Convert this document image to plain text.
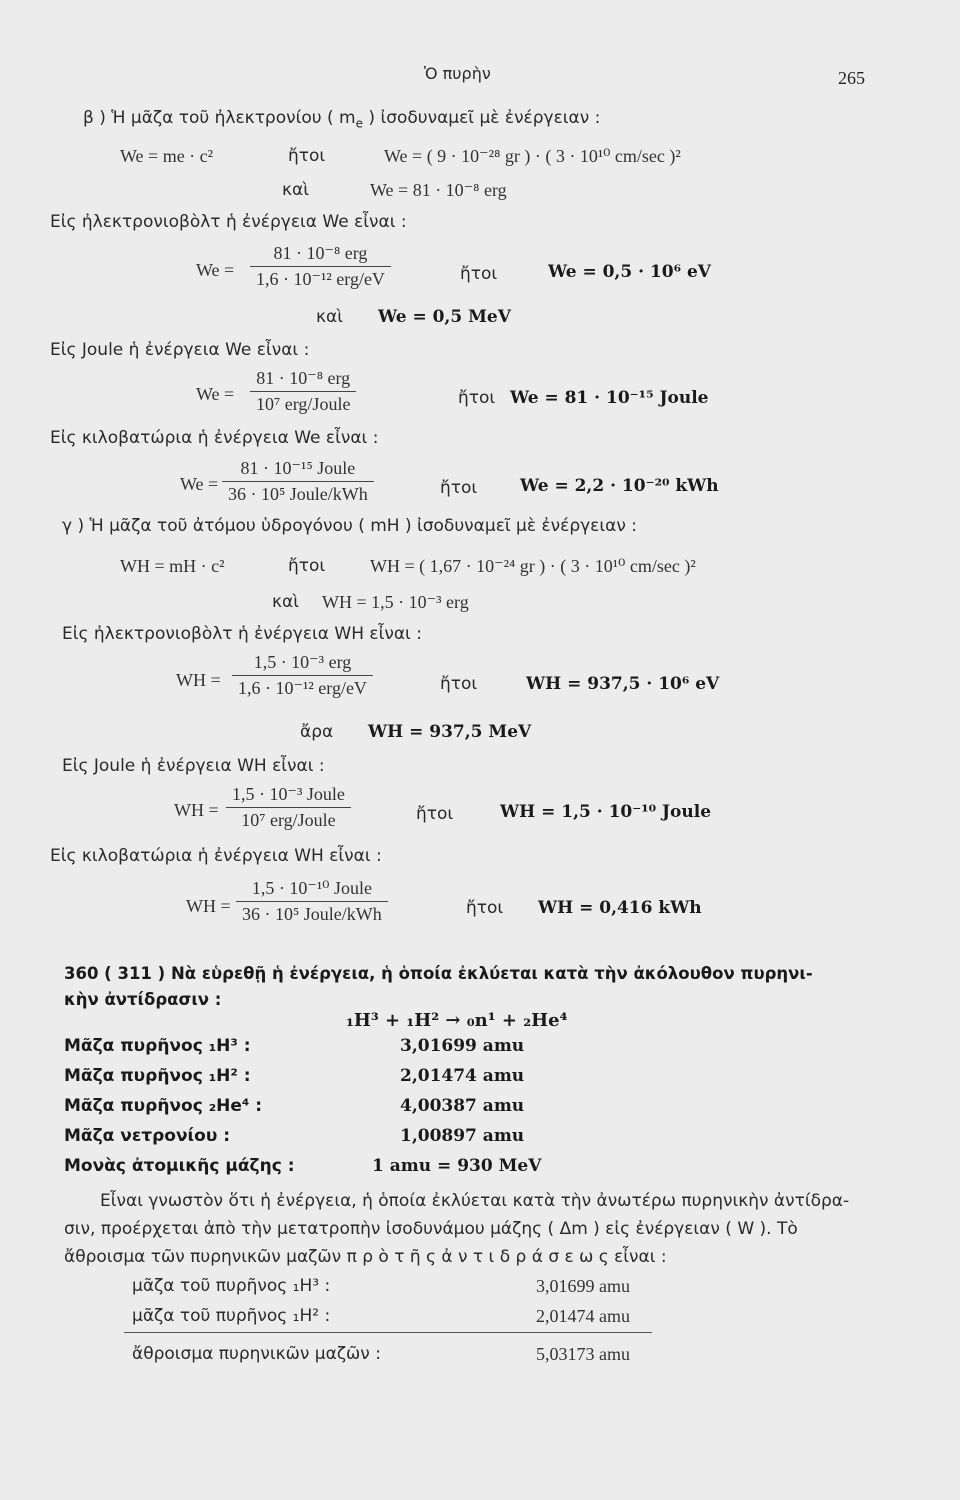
Ὁ πυρὴν	265
β ) Ἡ μᾶζα τοῦ ἠλεκτρονίου ( $m_e$ ) ἰσοδυναμεῖ μὲ ἐνέργειαν :
We = me · c²	ἤτοι	We = ( 9 · 10⁻²⁸ gr ) · ( 3 · 10¹⁰ cm/sec )²
καὶ	We = 81 · 10⁻⁸ erg
Εἰς ἠλεκτρονιοβὸλτ ἡ ἐνέργεια We εἶναι :
We =
81 · 10⁻⁸ erg
1,6 · 10⁻¹² erg/eV	ἤτοι	We = 0,5 · 10⁶ eV
καὶ We = 0,5 MeV
Εἰς Joule ἡ ἐνέργεια We εἶναι :
We =
81 · 10⁻⁸ erg
10⁷ erg/Joule	ἤτοι We = 81 · 10⁻¹⁵ Joule
Εἰς κιλοβατώρια ἡ ἐνέργεια We εἶναι :
We =
81 · 10⁻¹⁵ Joule
36 · 10⁵ Joule/kWh	ἤτοι	We = 2,2 · 10⁻²⁰ kWh
γ ) Ἡ μᾶζα τοῦ ἀτόμου ὑδρογόνου ( mH ) ἰσοδυναμεῖ μὲ ἐνέργειαν :
WH = mH · c²	ἤτοι WH = ( 1,67 · 10⁻²⁴ gr ) · ( 3 · 10¹⁰ cm/sec )²
καὶ WH = 1,5 · 10⁻³ erg
Εἰς ἠλεκτρονιοβὸλτ ἡ ἐνέργεια WH εἶναι :
WH =
1,5 · 10⁻³ erg
1,6 · 10⁻¹² erg/eV	ἤτοι	WH = 937,5 · 10⁶ eV
ἄρα WH = 937,5 MeV
Εἰς Joule ἡ ἐνέργεια WH εἶναι :
WH =
1,5 · 10⁻³ Joule
10⁷ erg/Joule	ἤτοι	WH = 1,5 · 10⁻¹⁰ Joule
Εἰς κιλοβατώρια ἡ ἐνέργεια WH εἶναι :
WH =
1,5 · 10⁻¹⁰ Joule
36 · 10⁵ Joule/kWh	ἤτοι WH = 0,416 kWh
360 ( 311 ) Νὰ εὑρεθῇ ἡ ἐνέργεια, ἡ ὁποία ἐκλύεται κατὰ τὴν ἀκόλουθον πυρηνι-
κὴν ἀντίδρασιν :
₁H³ + ₁H² → ₀n¹ + ₂He⁴
Μᾶζα πυρῆνος ₁H³ :	3,01699 amu
Μᾶζα πυρῆνος ₁H² :	2,01474 amu
Μᾶζα πυρῆνος ₂He⁴ :	4,00387 amu
Μᾶζα νετρονίου :	1,00897 amu
Μονὰς ἀτομικῆς μάζης :	1 amu = 930 MeV
Εἶναι γνωστὸν ὅτι ἡ ἐνέργεια, ἡ ὁποία ἐκλύεται κατὰ τὴν ἀνωτέρω πυρηνικὴν ἀντίδρα-
σιν, προέρχεται ἀπὸ τὴν μετατροπὴν ἰσοδυνάμου μάζης ( Δm ) εἰς ἐνέργειαν ( W ). Τὸ
ἄθροισμα τῶν πυρηνικῶν μαζῶν π ρ ὸ τ ῆ ς ἀ ν τ ι δ ρ ά σ ε ω ς εἶναι :
μᾶζα τοῦ πυρῆνος ₁H³ :	3,01699 amu
μᾶζα τοῦ πυρῆνος ₁H² :	2,01474 amu
ἄθροισμα πυρηνικῶν μαζῶν :	5,03173 amu
